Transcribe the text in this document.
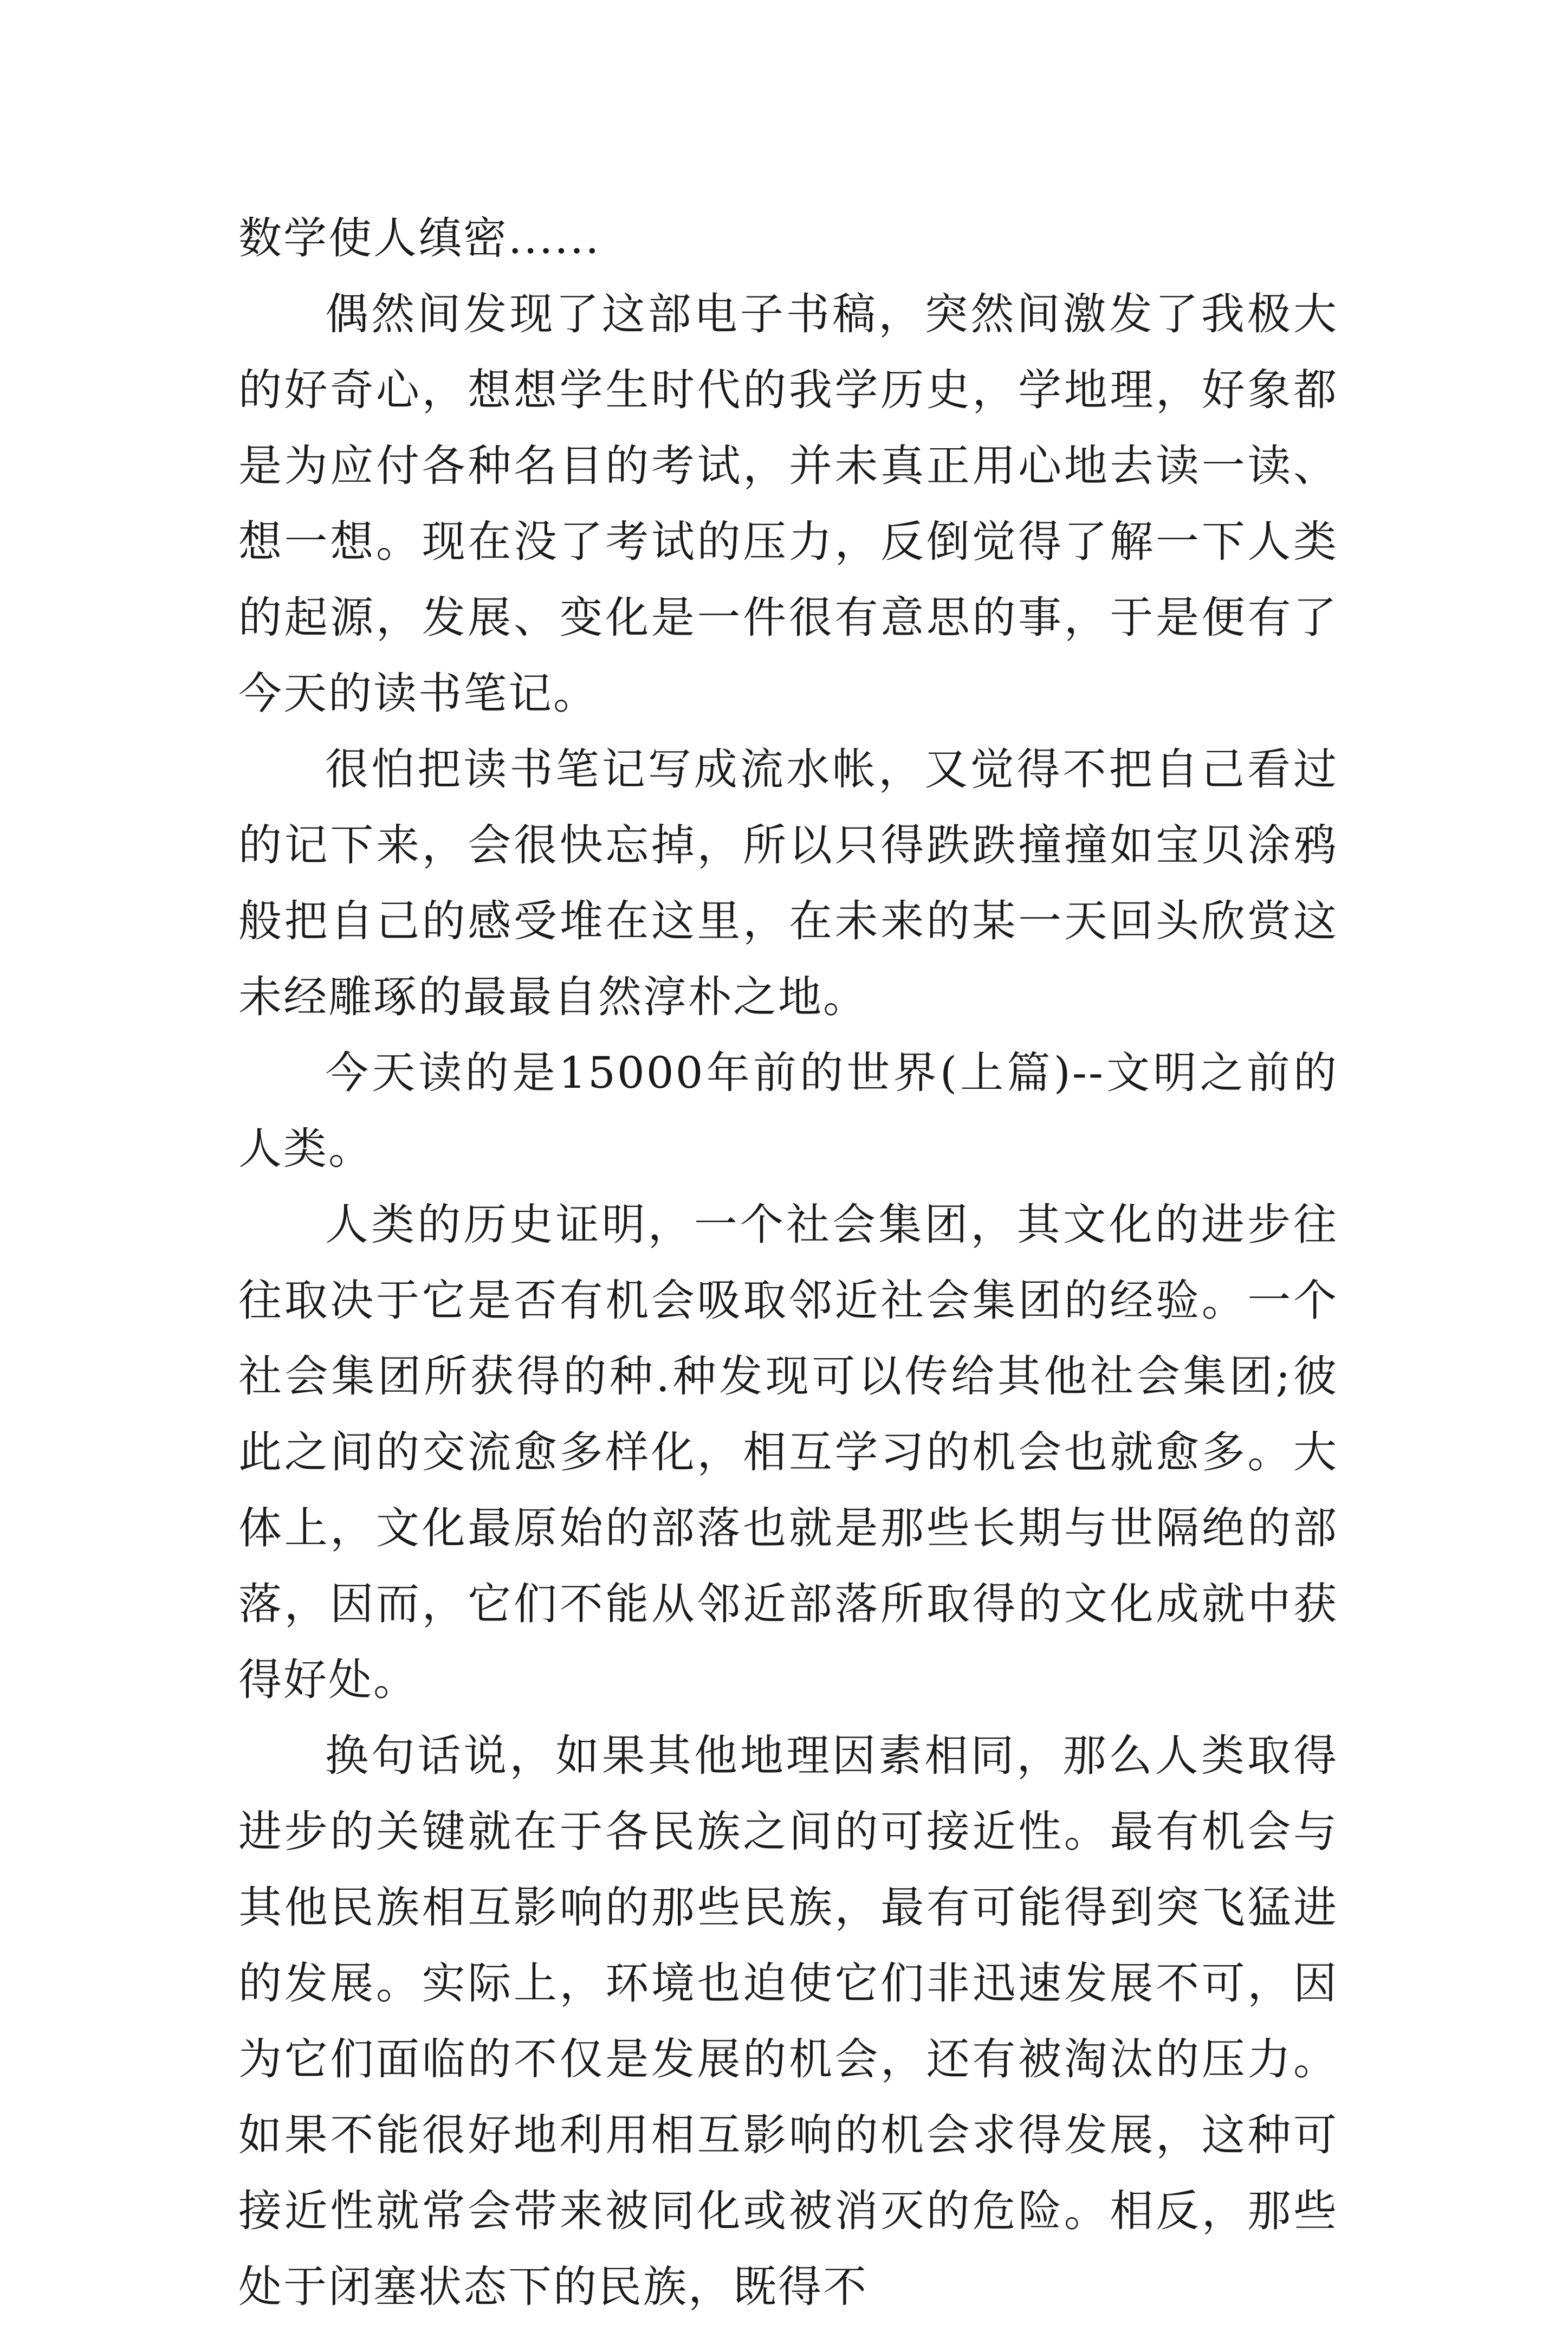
数学使人缜密......

偶然间发现了这部电子书稿，突然间激发了我极大的好奇心，想想学生时代的我学历史，学地理，好象都是为应付各种名目的考试，并未真正用心地去读一读、想一想。现在没了考试的压力，反倒觉得了解一下人类的起源，发展、变化是一件很有意思的事，于是便有了今天的读书笔记。

很怕把读书笔记写成流水帐，又觉得不把自己看过的记下来，会很快忘掉，所以只得跌跌撞撞如宝贝涂鸦般把自己的感受堆在这里，在未来的某一天回头欣赏这未经雕琢的最最自然淳朴之地。

今天读的是15000年前的世界(上篇)--文明之前的人类。

人类的历史证明，一个社会集团，其文化的进步往往取决于它是否有机会吸取邻近社会集团的经验。一个社会集团所获得的种.种发现可以传给其他社会集团;彼此之间的交流愈多样化，相互学习的机会也就愈多。大体上，文化最原始的部落也就是那些长期与世隔绝的部落，因而，它们不能从邻近部落所取得的文化成就中获得好处。

换句话说，如果其他地理因素相同，那么人类取得进步的关键就在于各民族之间的可接近性。最有机会与其他民族相互影响的那些民族，最有可能得到突飞猛进的发展。实际上，环境也迫使它们非迅速发展不可，因为它们面临的不仅是发展的机会，还有被淘汰的压力。如果不能很好地利用相互影响的机会求得发展，这种可接近性就常会带来被同化或被消灭的危险。相反，那些处于闭塞状态下的民族，既得不
